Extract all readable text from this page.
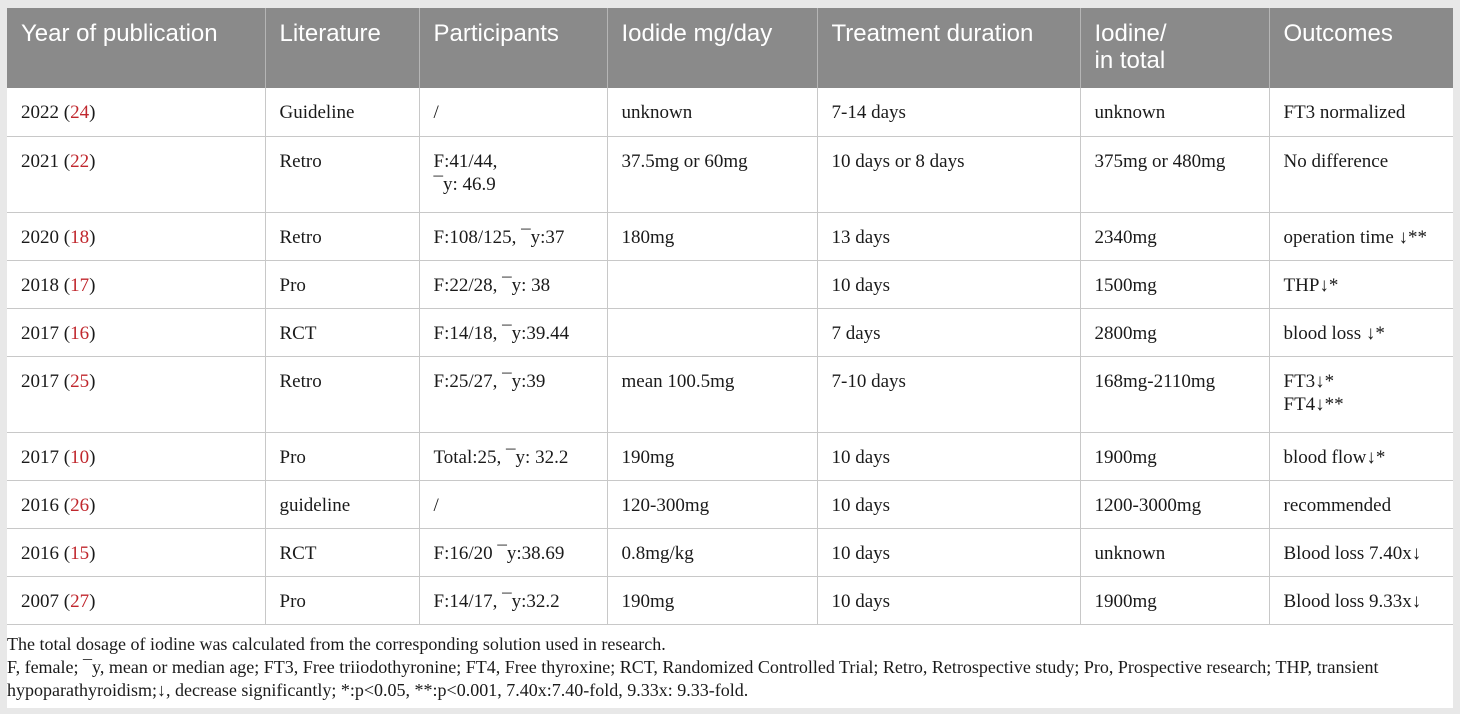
Year of publication	Literature	Participants	Iodide mg/day	Treatment duration	Iodine/
in total	Outcomes
2022 (24)	Guideline	/	unknown	7-14 days	unknown	FT3 normalized
2021 (22)	Retro	F:41/44,
¯y: 46.9	37.5mg or 60mg	10 days or 8 days	375mg or 480mg	No difference
2020 (18)	Retro	F:108/125, ¯y:37	180mg	13 days	2340mg	operation time ↓**
2018 (17)	Pro	F:22/28, ¯y: 38		10 days	1500mg	THP↓*
2017 (16)	RCT	F:14/18, ¯y:39.44		7 days	2800mg	blood loss ↓*
2017 (25)	Retro	F:25/27, ¯y:39	mean 100.5mg	7-10 days	168mg-2110mg	FT3↓*
FT4↓**
2017 (10)	Pro	Total:25, ¯y: 32.2	190mg	10 days	1900mg	blood flow↓*
2016 (26)	guideline	/	120-300mg	10 days	1200-3000mg	recommended
2016 (15)	RCT	F:16/20 ¯y:38.69	0.8mg/kg	10 days	unknown	Blood loss 7.40x↓
2007 (27)	Pro	F:14/17, ¯y:32.2	190mg	10 days	1900mg	Blood loss 9.33x↓

The total dosage of iodine was calculated from the corresponding solution used in research.

F, female; ¯y, mean or median age; FT3, Free triiodothyronine; FT4, Free thyroxine; RCT, Randomized Controlled Trial; Retro, Retrospective study; Pro, Prospective research; THP, transient hypoparathyroidism;↓, decrease significantly; *:p<0.05, **:p<0.001, 7.40x:7.40-fold, 9.33x: 9.33-fold.
